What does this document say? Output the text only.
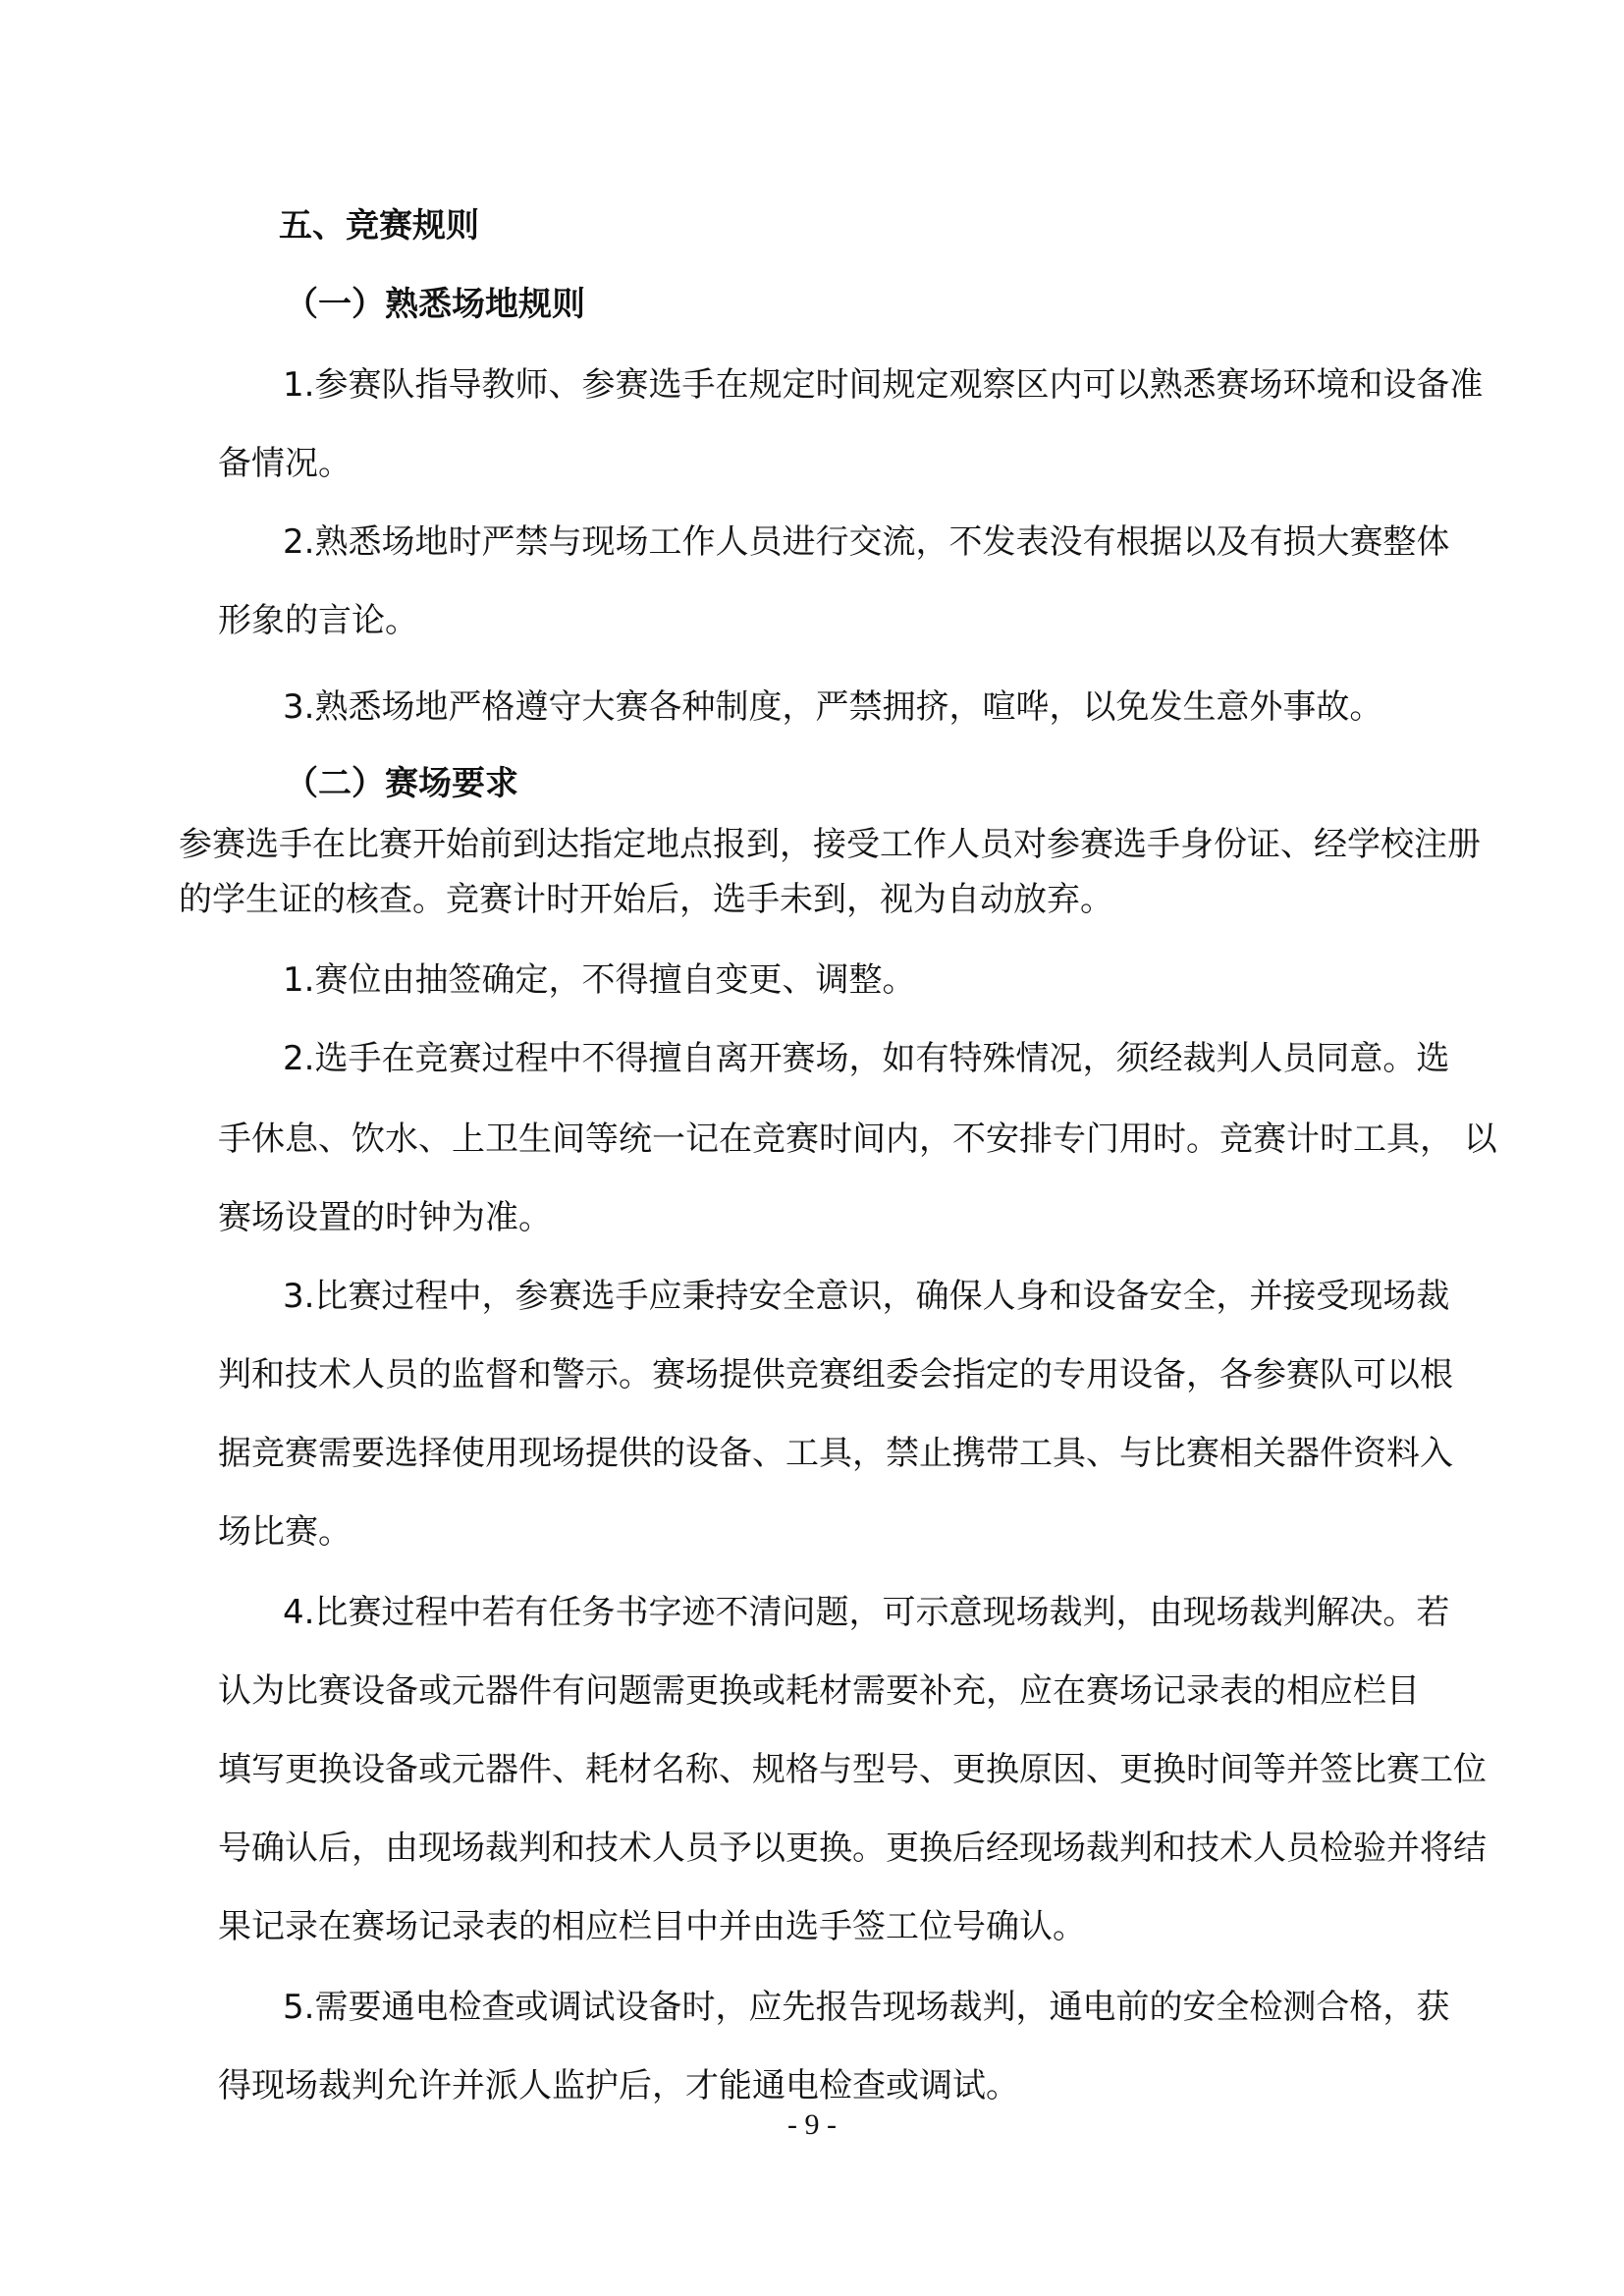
五、竞赛规则

（一）熟悉场地规则

1.参赛队指导教师、参赛选手在规定时间规定观察区内可以熟悉赛场环境和设备准

备情况。

2.熟悉场地时严禁与现场工作人员进行交流，不发表没有根据以及有损大赛整体

形象的言论。

3.熟悉场地严格遵守大赛各种制度，严禁拥挤，喧哗，以免发生意外事故。

（二）赛场要求

参赛选手在比赛开始前到达指定地点报到，接受工作人员对参赛选手身份证、经学校注册

的学生证的核查。竞赛计时开始后，选手未到，视为自动放弃。

1.赛位由抽签确定，不得擅自变更、调整。

2.选手在竞赛过程中不得擅自离开赛场，如有特殊情况，须经裁判人员同意。选

手休息、饮水、上卫生间等统一记在竞赛时间内，不安排专门用时。竞赛计时工具， 以

赛场设置的时钟为准。

3.比赛过程中，参赛选手应秉持安全意识，确保人身和设备安全，并接受现场裁

判和技术人员的监督和警示。赛场提供竞赛组委会指定的专用设备，各参赛队可以根

据竞赛需要选择使用现场提供的设备、工具，禁止携带工具、与比赛相关器件资料入

场比赛。

4.比赛过程中若有任务书字迹不清问题，可示意现场裁判，由现场裁判解决。若

认为比赛设备或元器件有问题需更换或耗材需要补充，应在赛场记录表的相应栏目

填写更换设备或元器件、耗材名称、规格与型号、更换原因、更换时间等并签比赛工位

号确认后，由现场裁判和技术人员予以更换。更换后经现场裁判和技术人员检验并将结

果记录在赛场记录表的相应栏目中并由选手签工位号确认。

5.需要通电检查或调试设备时，应先报告现场裁判，通电前的安全检测合格，获

得现场裁判允许并派人监护后，才能通电检查或调试。

- 9 -
